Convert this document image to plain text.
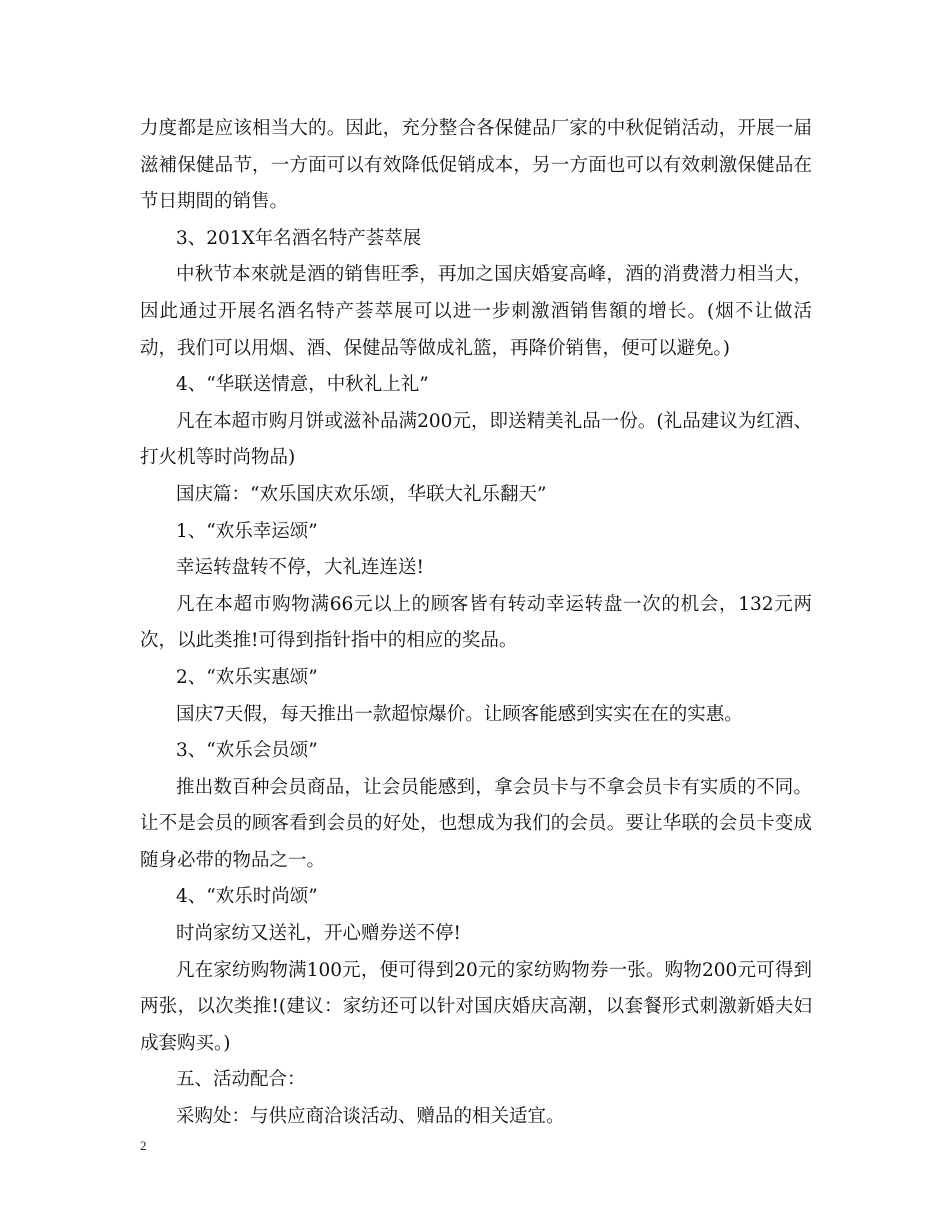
力度都是应该相当大的。因此，充分整合各保健品厂家的中秋促销活动，开展一届滋補保健品节，一方面可以有效降低促销成本，另一方面也可以有效刺激保健品在节日期間的销售。

3、201X年名酒名特产荟萃展

中秋节本來就是酒的销售旺季，再加之国庆婚宴高峰，酒的消费潜力相当大，因此通过开展名酒名特产荟萃展可以进一步刺激酒销售額的增长。(烟不让做活动，我们可以用烟、酒、保健品等做成礼篮，再降价销售，便可以避免。)

4、“华联送情意，中秋礼上礼”

凡在本超市购月饼或滋补品满200元，即送精美礼品一份。(礼品建议为红酒、打火机等时尚物品)

国庆篇：“欢乐国庆欢乐颂，华联大礼乐翻天”

1、“欢乐幸运颂”

幸运转盘转不停，大礼连连送!

凡在本超市购物满66元以上的顾客皆有转动幸运转盘一次的机会，132元两次，以此类推!可得到指针指中的相应的奖品。

2、“欢乐实惠颂”

国庆7天假，每天推出一款超惊爆价。让顾客能感到实实在在的实惠。

3、“欢乐会员颂”

推出数百种会员商品，让会员能感到，拿会员卡与不拿会员卡有实质的不同。让不是会员的顾客看到会员的好处，也想成为我们的会员。要让华联的会员卡变成随身必带的物品之一。

4、“欢乐时尚颂”

时尚家纺又送礼，开心赠券送不停!

凡在家纺购物满100元，便可得到20元的家纺购物券一张。购物200元可得到两张，以次类推!(建议：家纺还可以针对国庆婚庆高潮，以套餐形式刺激新婚夫妇成套购买。)

五、活动配合：

采购处：与供应商洽谈活动、赠品的相关适宜。

2
